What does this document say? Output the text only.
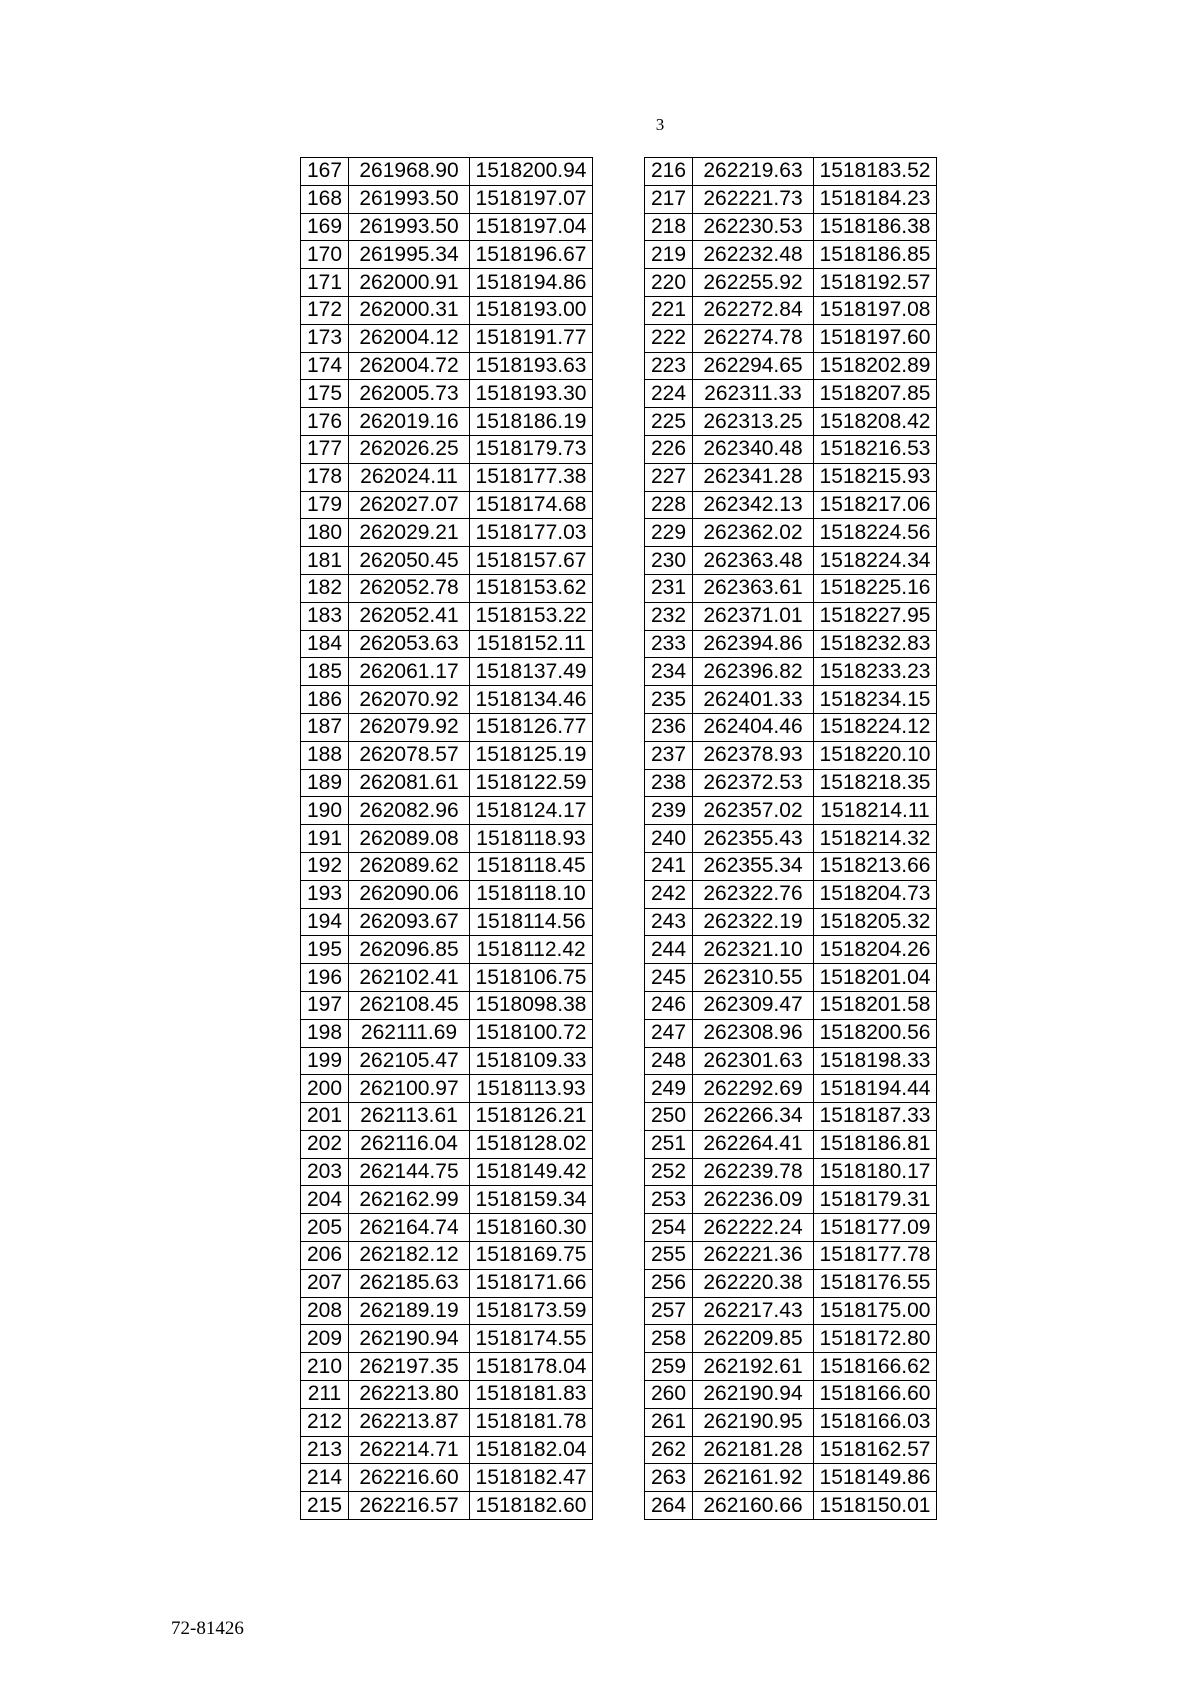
3
167	261968.90	1518200.94
168	261993.50	1518197.07
169	261993.50	1518197.04
170	261995.34	1518196.67
171	262000.91	1518194.86
172	262000.31	1518193.00
173	262004.12	1518191.77
174	262004.72	1518193.63
175	262005.73	1518193.30
176	262019.16	1518186.19
177	262026.25	1518179.73
178	262024.11	1518177.38
179	262027.07	1518174.68
180	262029.21	1518177.03
181	262050.45	1518157.67
182	262052.78	1518153.62
183	262052.41	1518153.22
184	262053.63	1518152.11
185	262061.17	1518137.49
186	262070.92	1518134.46
187	262079.92	1518126.77
188	262078.57	1518125.19
189	262081.61	1518122.59
190	262082.96	1518124.17
191	262089.08	1518118.93
192	262089.62	1518118.45
193	262090.06	1518118.10
194	262093.67	1518114.56
195	262096.85	1518112.42
196	262102.41	1518106.75
197	262108.45	1518098.38
198	262111.69	1518100.72
199	262105.47	1518109.33
200	262100.97	1518113.93
201	262113.61	1518126.21
202	262116.04	1518128.02
203	262144.75	1518149.42
204	262162.99	1518159.34
205	262164.74	1518160.30
206	262182.12	1518169.75
207	262185.63	1518171.66
208	262189.19	1518173.59
209	262190.94	1518174.55
210	262197.35	1518178.04
211	262213.80	1518181.83
212	262213.87	1518181.78
213	262214.71	1518182.04
214	262216.60	1518182.47
215	262216.57	1518182.60
216	262219.63	1518183.52
217	262221.73	1518184.23
218	262230.53	1518186.38
219	262232.48	1518186.85
220	262255.92	1518192.57
221	262272.84	1518197.08
222	262274.78	1518197.60
223	262294.65	1518202.89
224	262311.33	1518207.85
225	262313.25	1518208.42
226	262340.48	1518216.53
227	262341.28	1518215.93
228	262342.13	1518217.06
229	262362.02	1518224.56
230	262363.48	1518224.34
231	262363.61	1518225.16
232	262371.01	1518227.95
233	262394.86	1518232.83
234	262396.82	1518233.23
235	262401.33	1518234.15
236	262404.46	1518224.12
237	262378.93	1518220.10
238	262372.53	1518218.35
239	262357.02	1518214.11
240	262355.43	1518214.32
241	262355.34	1518213.66
242	262322.76	1518204.73
243	262322.19	1518205.32
244	262321.10	1518204.26
245	262310.55	1518201.04
246	262309.47	1518201.58
247	262308.96	1518200.56
248	262301.63	1518198.33
249	262292.69	1518194.44
250	262266.34	1518187.33
251	262264.41	1518186.81
252	262239.78	1518180.17
253	262236.09	1518179.31
254	262222.24	1518177.09
255	262221.36	1518177.78
256	262220.38	1518176.55
257	262217.43	1518175.00
258	262209.85	1518172.80
259	262192.61	1518166.62
260	262190.94	1518166.60
261	262190.95	1518166.03
262	262181.28	1518162.57
263	262161.92	1518149.86
264	262160.66	1518150.01
72-81426
